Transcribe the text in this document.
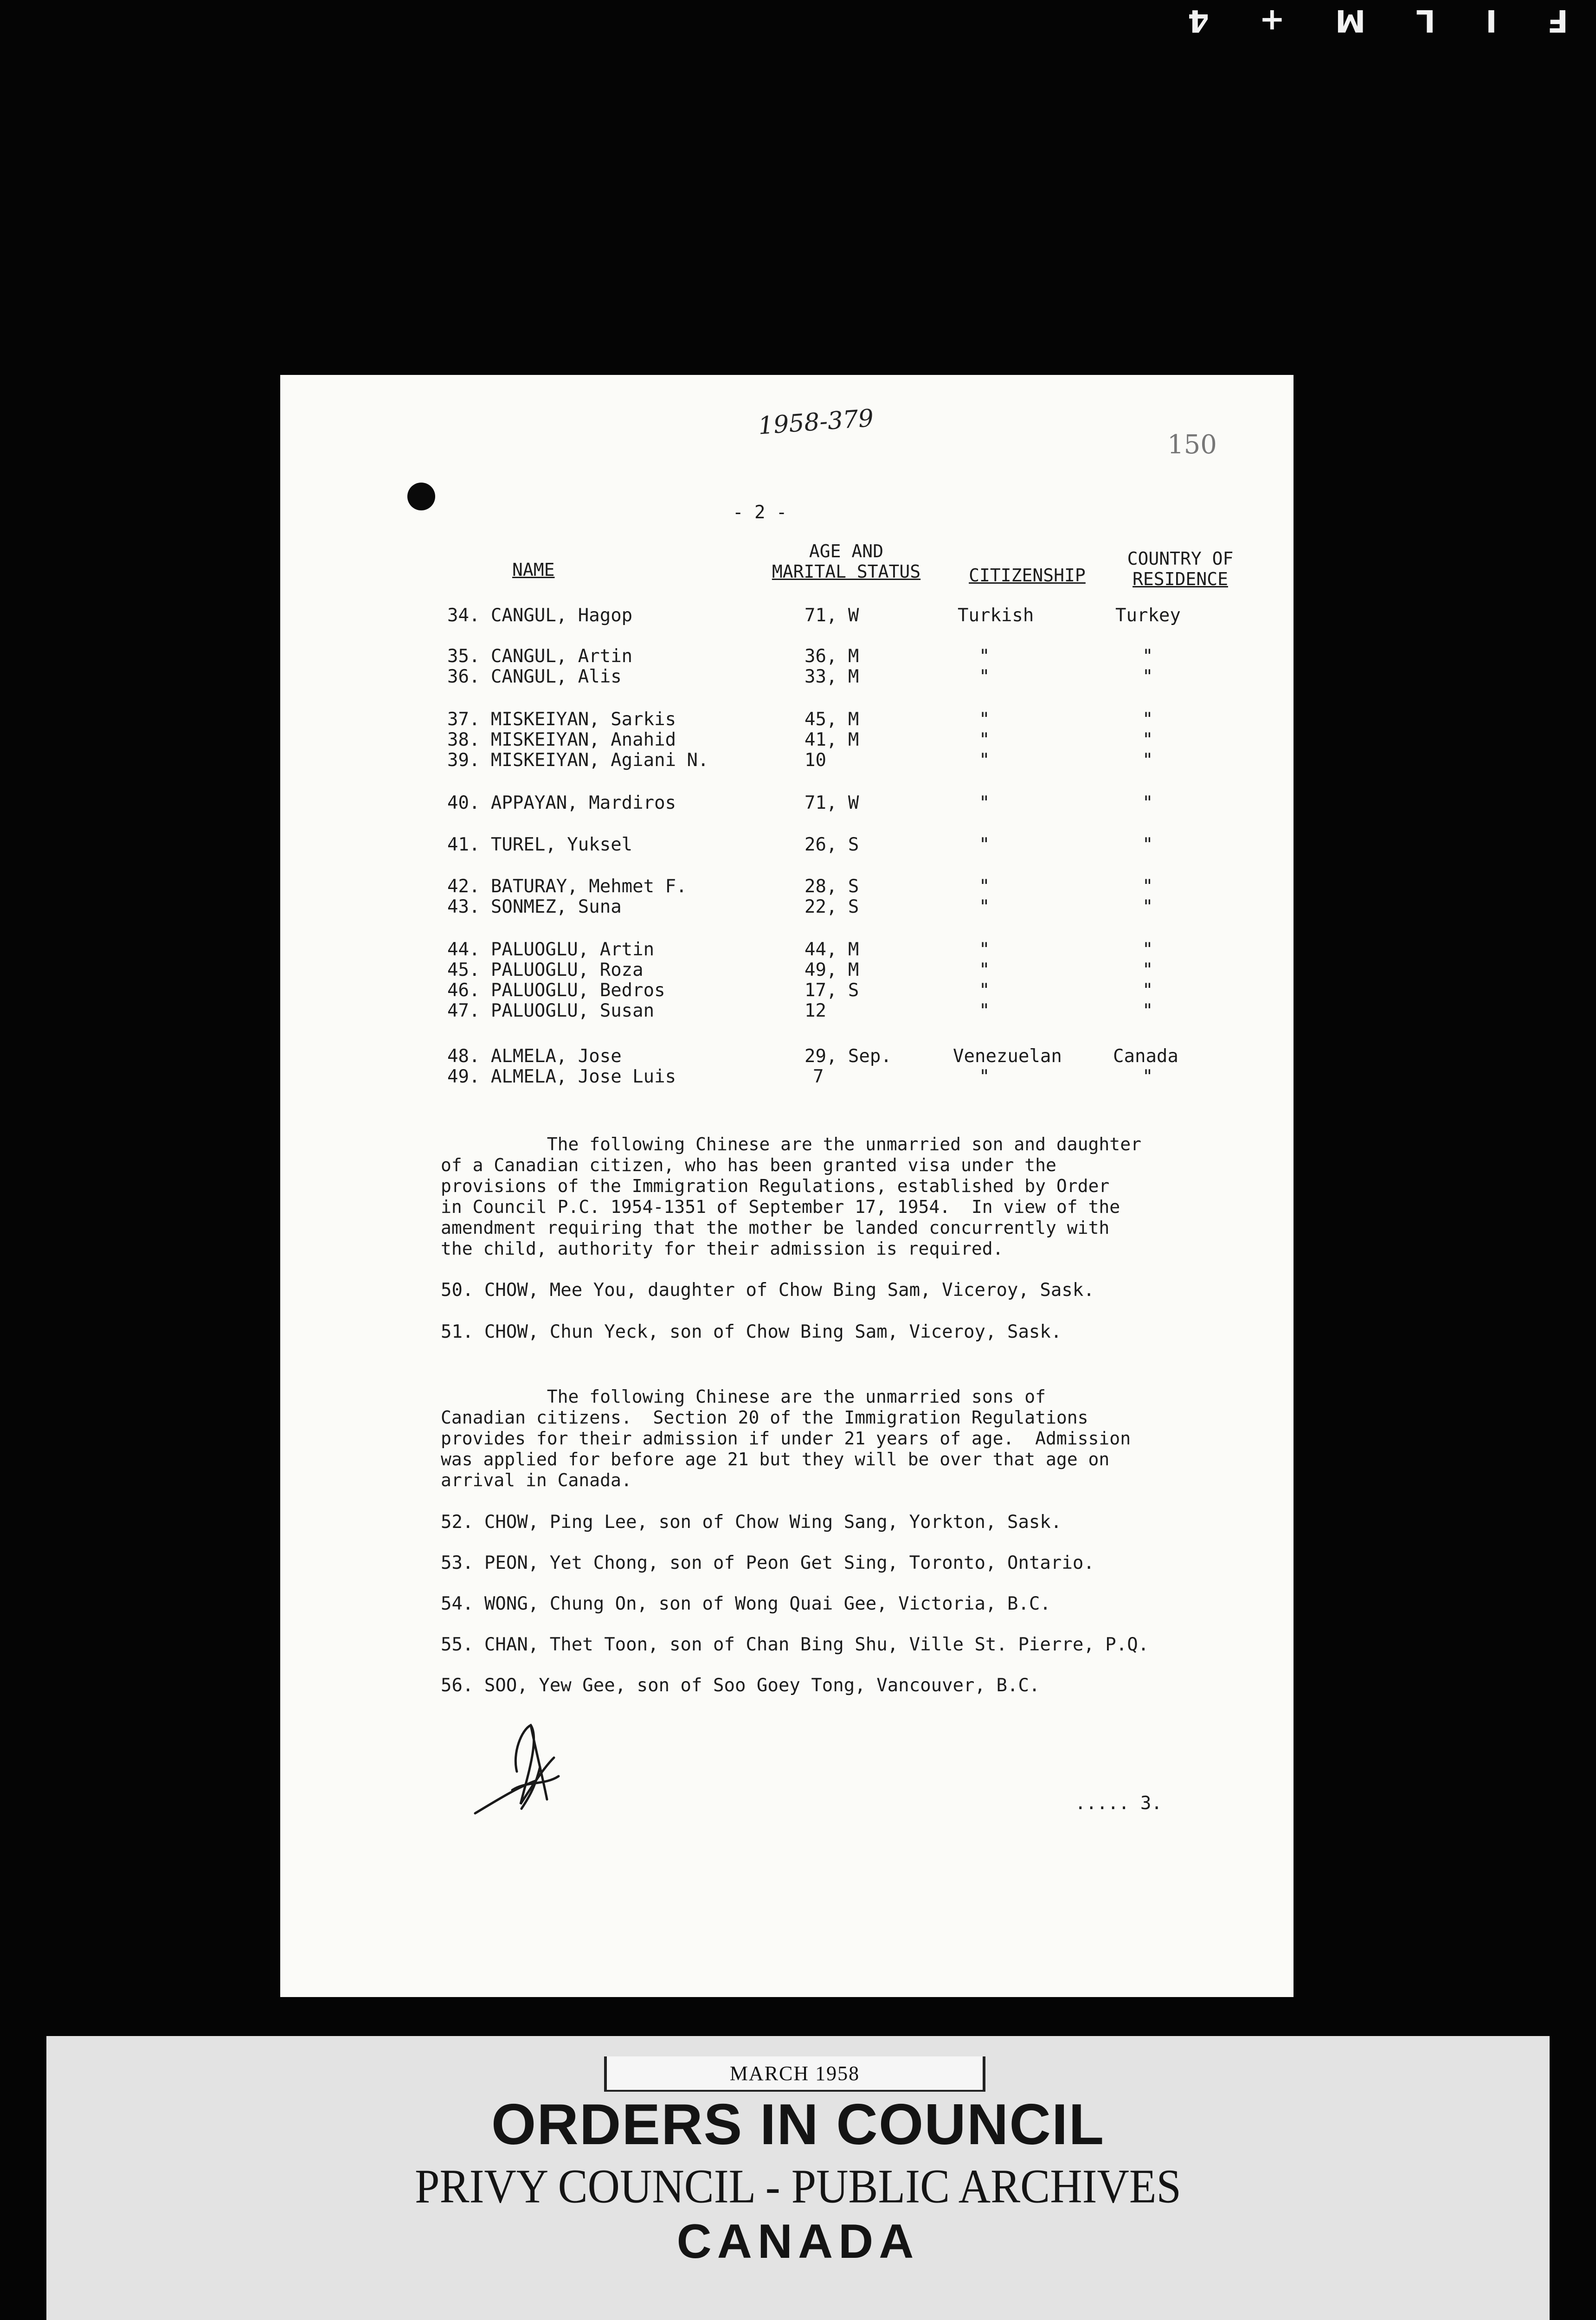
F
I
L
M
+
4
1958-379
150
- 2 -
NAME
AGE AND
MARITAL STATUS	CITIZENSHIP
COUNTRY OF
RESIDENCE
34. CANGUL, Hagop	71, W	Turkish	Turkey
35. CANGUL, Artin	36, M	"	"
36. CANGUL, Alis	33, M	"	"
37. MISKEIYAN, Sarkis	45, M	"	"
38. MISKEIYAN, Anahid	41, M	"	"
39. MISKEIYAN, Agiani N.	10	"	"
40. APPAYAN, Mardiros	71, W	"	"
41. TUREL, Yuksel	26, S	"	"
42. BATURAY, Mehmet F.	28, S	"	"
43. SONMEZ, Suna	22, S	"	"
44. PALUOGLU, Artin	44, M	"	"
45. PALUOGLU, Roza	49, M	"	"
46. PALUOGLU, Bedros	17, S	"	"
47. PALUOGLU, Susan	12	"	"
48. ALMELA, Jose	29, Sep.	Venezuelan	Canada
49. ALMELA, Jose Luis	7	"	"

The following Chinese are the unmarried son and daughter

of a Canadian citizen, who has been granted visa under the

provisions of the Immigration Regulations, established by Order

in Council P.C. 1954-1351 of September 17, 1954.  In view of the

amendment requiring that the mother be landed concurrently with

the child, authority for their admission is required.

50. CHOW, Mee You, daughter of Chow Bing Sam, Viceroy, Sask.
51. CHOW, Chun Yeck, son of Chow Bing Sam, Viceroy, Sask.

The following Chinese are the unmarried sons of

Canadian citizens.  Section 20 of the Immigration Regulations

provides for their admission if under 21 years of age.  Admission

was applied for before age 21 but they will be over that age on

arrival in Canada.

52. CHOW, Ping Lee, son of Chow Wing Sang, Yorkton, Sask.
53. PEON, Yet Chong, son of Peon Get Sing, Toronto, Ontario.
54. WONG, Chung On, son of Wong Quai Gee, Victoria, B.C.
55. CHAN, Thet Toon, son of Chan Bing Shu, Ville St. Pierre, P.Q.
56. SOO, Yew Gee, son of Soo Goey Tong, Vancouver, B.C.
..... 3.
MARCH 1958
ORDERS IN COUNCIL
PRIVY COUNCIL - PUBLIC ARCHIVES
CANADA
